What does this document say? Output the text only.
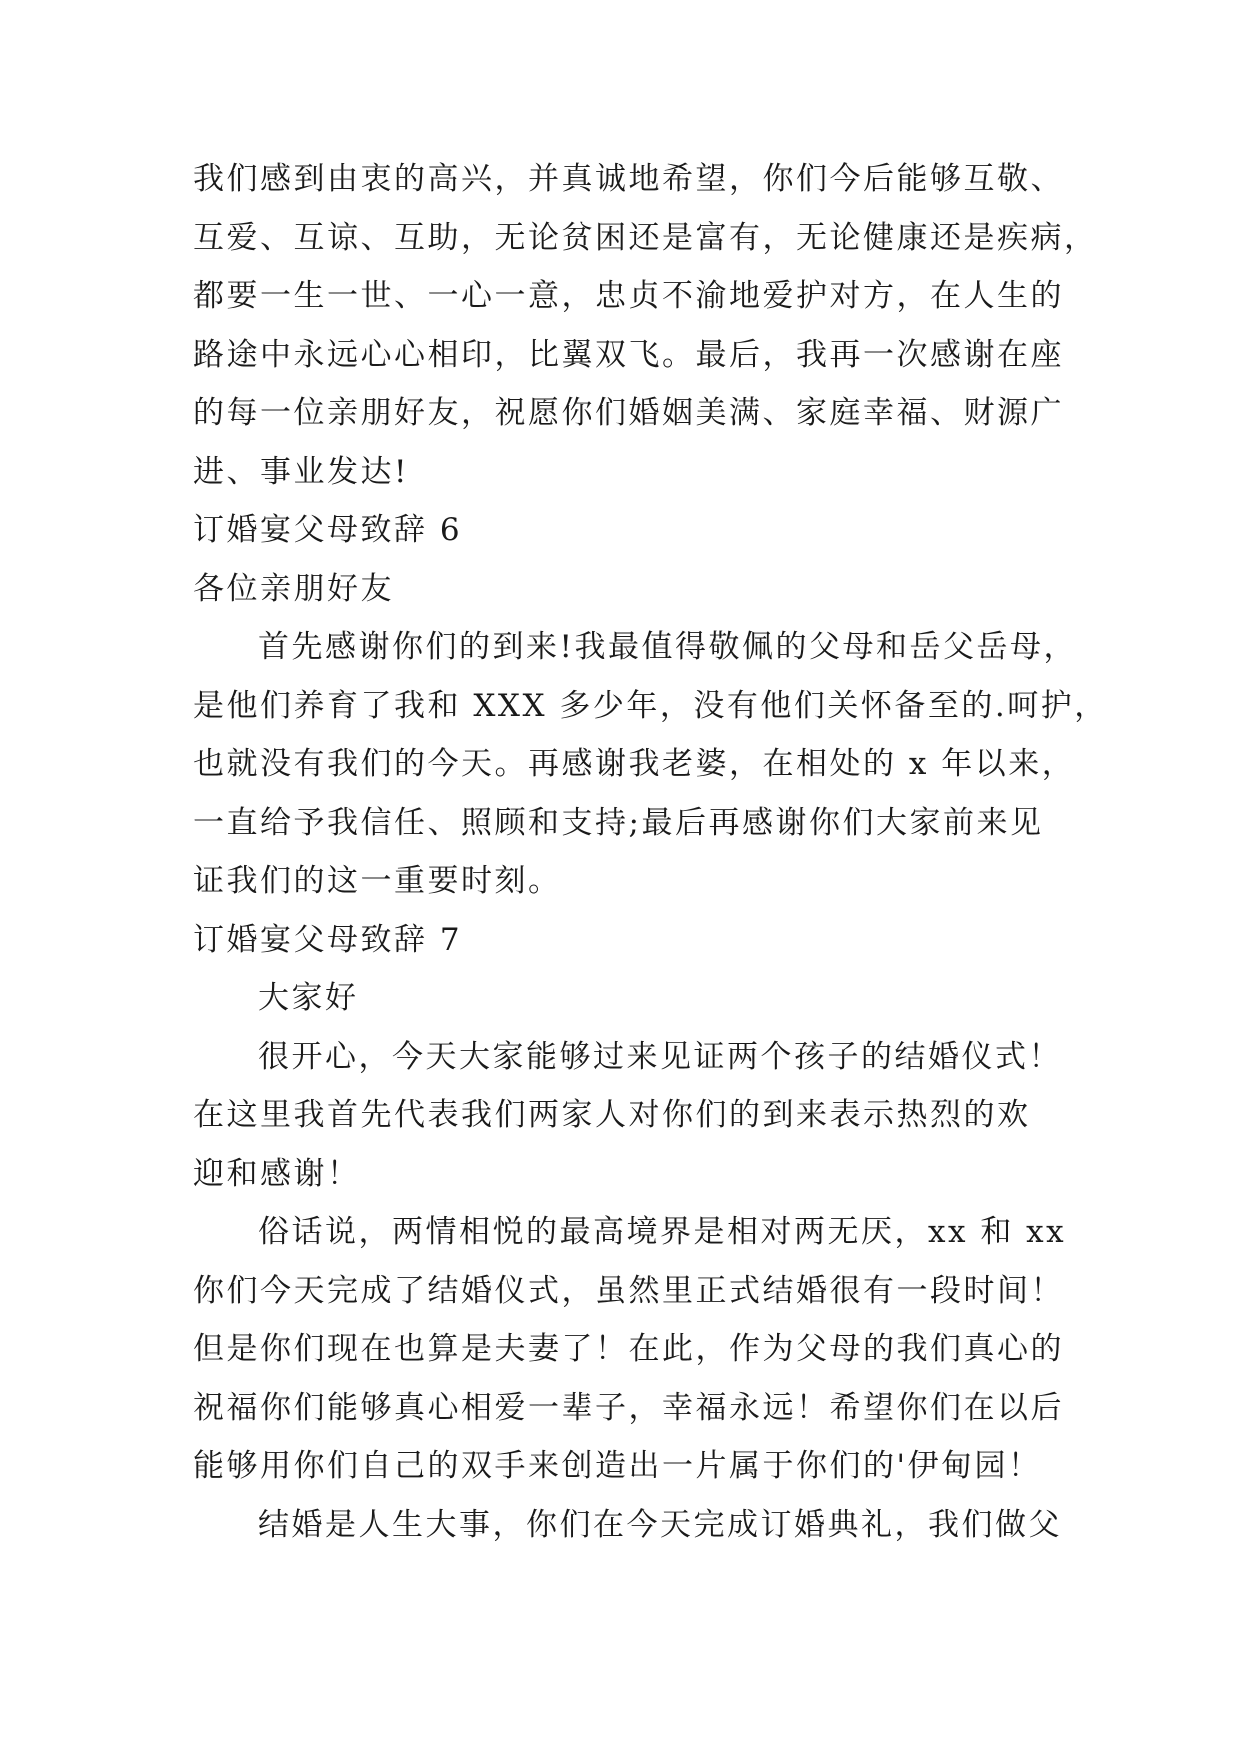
我们感到由衷的高兴，并真诚地希望，你们今后能够互敬、
互爱、互谅、互助，无论贫困还是富有，无论健康还是疾病，
都要一生一世、一心一意，忠贞不渝地爱护对方，在人生的
路途中永远心心相印，比翼双飞。最后，我再一次感谢在座
的每一位亲朋好友，祝愿你们婚姻美满、家庭幸福、财源广
进、事业发达!
订婚宴父母致辞 6
各位亲朋好友
首先感谢你们的到来!我最值得敬佩的父母和岳父岳母，
是他们养育了我和 XXX 多少年，没有他们关怀备至的.呵护，
也就没有我们的今天。再感谢我老婆，在相处的 x 年以来，
一直给予我信任、照顾和支持;最后再感谢你们大家前来见
证我们的这一重要时刻。
订婚宴父母致辞 7
大家好
很开心，今天大家能够过来见证两个孩子的结婚仪式！
在这里我首先代表我们两家人对你们的到来表示热烈的欢
迎和感谢！
俗话说，两情相悦的最高境界是相对两无厌，xx 和 xx
你们今天完成了结婚仪式，虽然里正式结婚很有一段时间！
但是你们现在也算是夫妻了！在此，作为父母的我们真心的
祝福你们能够真心相爱一辈子，幸福永远！希望你们在以后
能够用你们自己的双手来创造出一片属于你们的'伊甸园！
结婚是人生大事，你们在今天完成订婚典礼，我们做父
